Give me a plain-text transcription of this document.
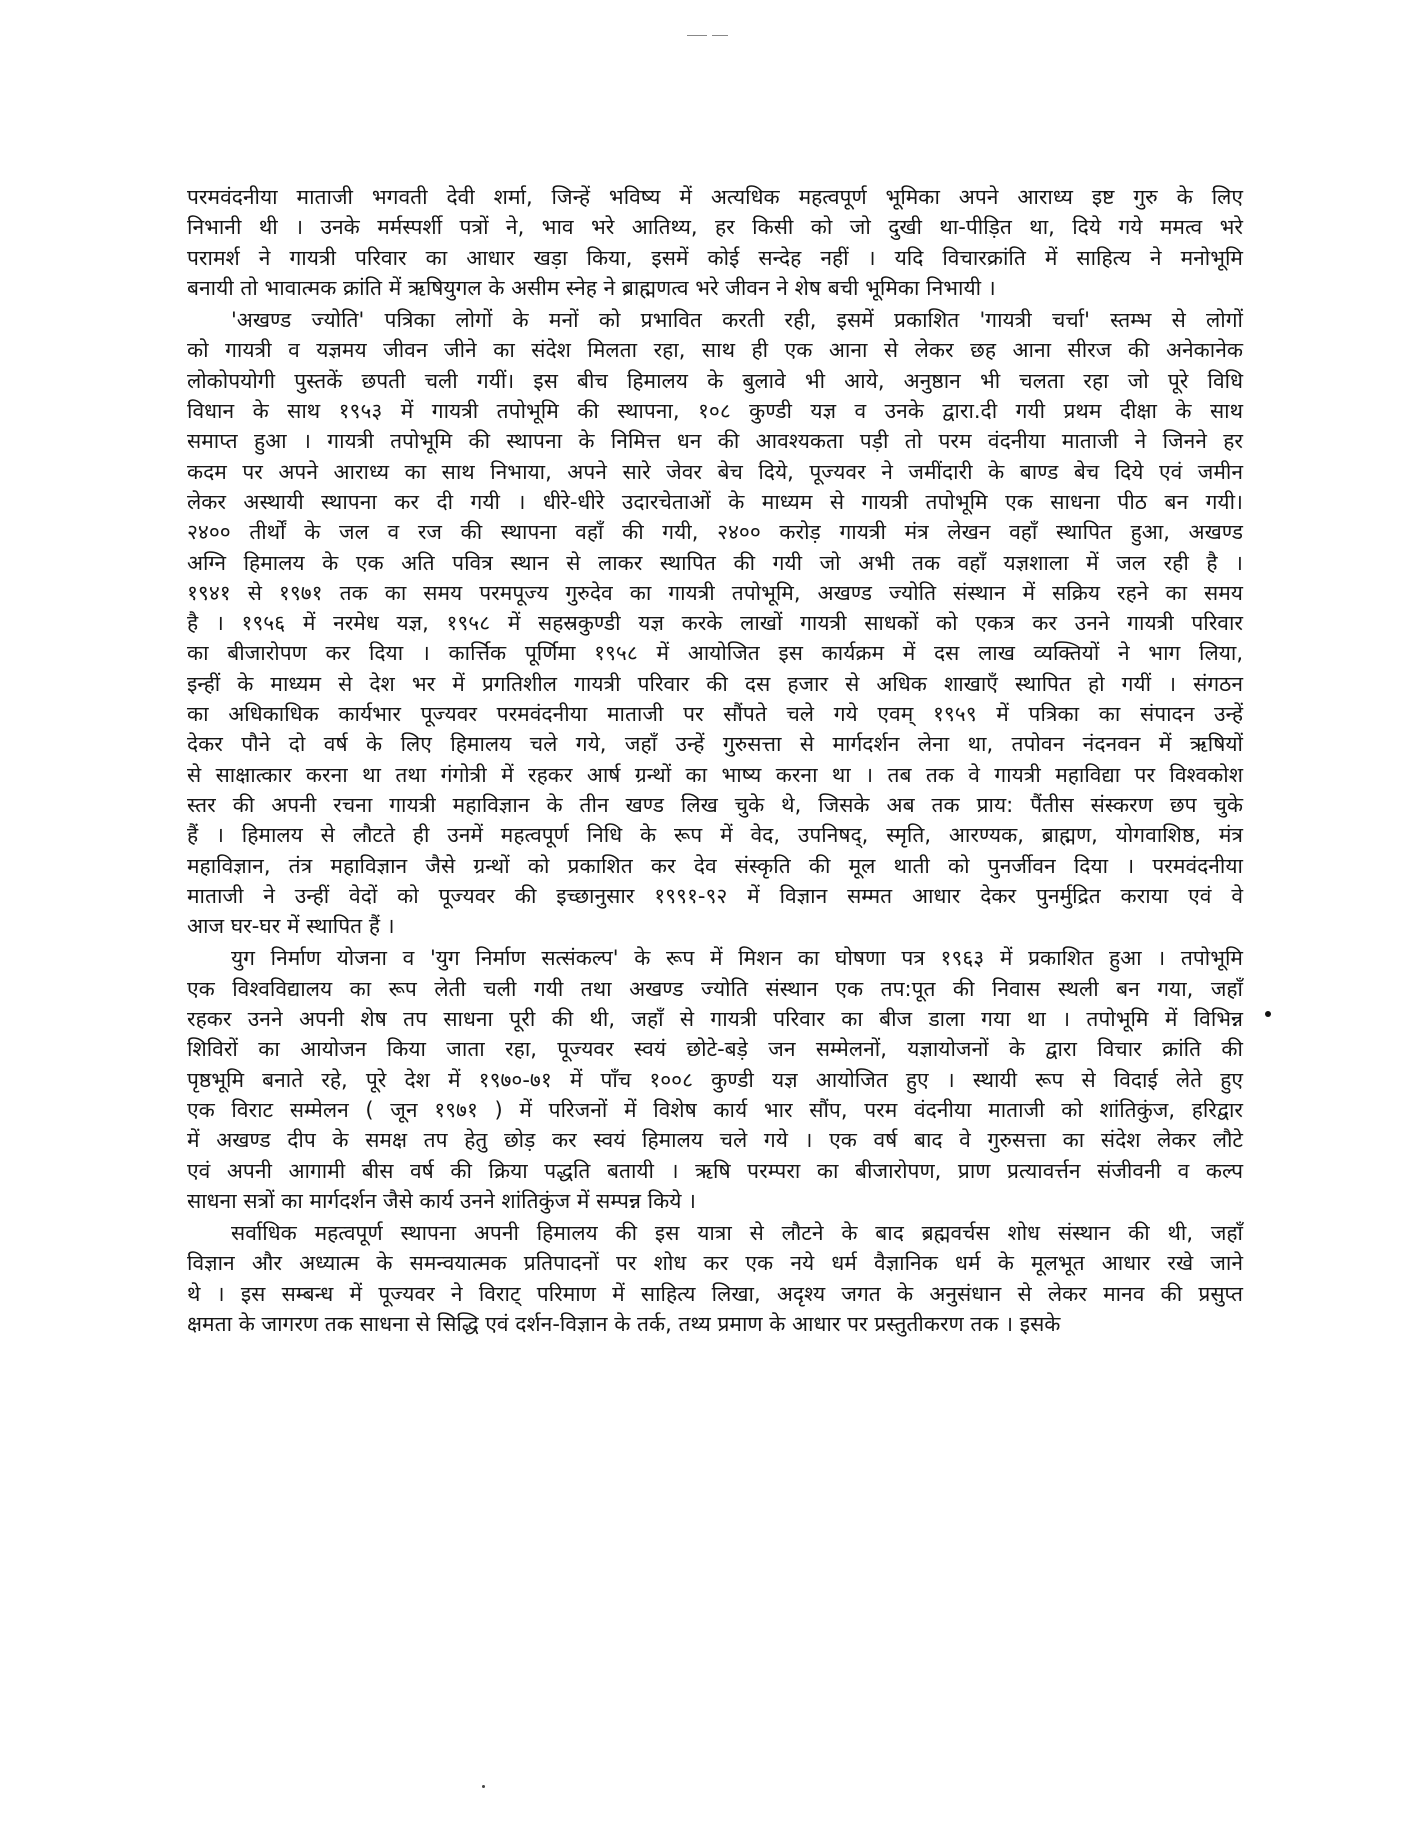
परमवंदनीया माताजी भगवती देवी शर्मा, जिन्हें भविष्य में अत्यधिक महत्वपूर्ण भूमिका अपने आराध्य इष्ट गुरु के लिए
निभानी थी । उनके मर्मस्पर्शी पत्रों ने, भाव भरे आतिथ्य, हर किसी को जो दुखी था-पीड़ित था, दिये गये ममत्व भरे
परामर्श ने गायत्री परिवार का आधार खड़ा किया, इसमें कोई सन्देह नहीं । यदि विचारक्रांति में साहित्य ने मनोभूमि
बनायी तो भावात्मक क्रांति में ऋषियुगल के असीम स्नेह ने ब्राह्मणत्व भरे जीवन ने शेष बची भूमिका निभायी ।
'अखण्ड ज्योति' पत्रिका लोगों के मनों को प्रभावित करती रही, इसमें प्रकाशित 'गायत्री चर्चा' स्तम्भ से लोगों
को गायत्री व यज्ञमय जीवन जीने का संदेश मिलता रहा, साथ ही एक आना से लेकर छह आना सीरज की अनेकानेक
लोकोपयोगी पुस्तकें छपती चली गयीं। इस बीच हिमालय के बुलावे भी आये, अनुष्ठान भी चलता रहा जो पूरे विधि
विधान के साथ १९५३ में गायत्री तपोभूमि की स्थापना, १०८ कुण्डी यज्ञ व उनके द्वारा.दी गयी प्रथम दीक्षा के साथ
समाप्त हुआ । गायत्री तपोभूमि की स्थापना के निमित्त धन की आवश्यकता पड़ी तो परम वंदनीया माताजी ने जिनने हर
कदम पर अपने आराध्य का साथ निभाया, अपने सारे जेवर बेच दिये, पूज्यवर ने जमींदारी के बाण्ड बेच दिये एवं जमीन
लेकर अस्थायी स्थापना कर दी गयी । धीरे-धीरे उदारचेताओं के माध्यम से गायत्री तपोभूमि एक साधना पीठ बन गयी।
२४०० तीर्थों के जल व रज की स्थापना वहाँ की गयी, २४०० करोड़ गायत्री मंत्र लेखन वहाँ स्थापित हुआ, अखण्ड
अग्नि हिमालय के एक अति पवित्र स्थान से लाकर स्थापित की गयी जो अभी तक वहाँ यज्ञशाला में जल रही है ।
१९४१ से १९७१ तक का समय परमपूज्य गुरुदेव का गायत्री तपोभूमि, अखण्ड ज्योति संस्थान में सक्रिय रहने का समय
है । १९५६ में नरमेध यज्ञ, १९५८ में सहस्रकुण्डी यज्ञ करके लाखों गायत्री साधकों को एकत्र कर उनने गायत्री परिवार
का बीजारोपण कर दिया । कार्त्तिक पूर्णिमा १९५८ में आयोजित इस कार्यक्रम में दस लाख व्यक्तियों ने भाग लिया,
इन्हीं के माध्यम से देश भर में प्रगतिशील गायत्री परिवार की दस हजार से अधिक शाखाएँ स्थापित हो गयीं । संगठन
का अधिकाधिक कार्यभार पूज्यवर परमवंदनीया माताजी पर सौंपते चले गये एवम् १९५९ में पत्रिका का संपादन उन्हें
देकर पौने दो वर्ष के लिए हिमालय चले गये, जहाँ उन्हें गुरुसत्ता से मार्गदर्शन लेना था, तपोवन नंदनवन में ऋषियों
से साक्षात्कार करना था तथा गंगोत्री में रहकर आर्ष ग्रन्थों का भाष्य करना था । तब तक वे गायत्री महाविद्या पर विश्वकोश
स्तर की अपनी रचना गायत्री महाविज्ञान के तीन खण्ड लिख चुके थे, जिसके अब तक प्राय: पैंतीस संस्करण छप चुके
हैं । हिमालय से लौटते ही उनमें महत्वपूर्ण निधि के रूप में वेद, उपनिषद्, स्मृति, आरण्यक, ब्राह्मण, योगवाशिष्ठ, मंत्र
महाविज्ञान, तंत्र महाविज्ञान जैसे ग्रन्थों को प्रकाशित कर देव संस्कृति की मूल थाती को पुनर्जीवन दिया । परमवंदनीया
माताजी ने उन्हीं वेदों को पूज्यवर की इच्छानुसार १९९१-९२ में विज्ञान सम्मत आधार देकर पुनर्मुद्रित कराया एवं वे
आज घर-घर में स्थापित हैं ।
युग निर्माण योजना व 'युग निर्माण सत्संकल्प' के रूप में मिशन का घोषणा पत्र १९६३ में प्रकाशित हुआ । तपोभूमि
एक विश्वविद्यालय का रूप लेती चली गयी तथा अखण्ड ज्योति संस्थान एक तप:पूत की निवास स्थली बन गया, जहाँ
रहकर उनने अपनी शेष तप साधना पूरी की थी, जहाँ से गायत्री परिवार का बीज डाला गया था । तपोभूमि में विभिन्न
शिविरों का आयोजन किया जाता रहा, पूज्यवर स्वयं छोटे-बड़े जन सम्मेलनों, यज्ञायोजनों के द्वारा विचार क्रांति की
पृष्ठभूमि बनाते रहे, पूरे देश में १९७०-७१ में पाँच १००८ कुण्डी यज्ञ आयोजित हुए । स्थायी रूप से विदाई लेते हुए
एक विराट सम्मेलन ( जून १९७१ ) में परिजनों में विशेष कार्य भार सौंप, परम वंदनीया माताजी को शांतिकुंज, हरिद्वार
में अखण्ड दीप के समक्ष तप हेतु छोड़ कर स्वयं हिमालय चले गये । एक वर्ष बाद वे गुरुसत्ता का संदेश लेकर लौटे
एवं अपनी आगामी बीस वर्ष की क्रिया पद्धति बतायी । ऋषि परम्परा का बीजारोपण, प्राण प्रत्यावर्त्तन संजीवनी व कल्प
साधना सत्रों का मार्गदर्शन जैसे कार्य उनने शांतिकुंज में सम्पन्न किये ।
सर्वाधिक महत्वपूर्ण स्थापना अपनी हिमालय की इस यात्रा से लौटने के बाद ब्रह्मवर्चस शोध संस्थान की थी, जहाँ
विज्ञान और अध्यात्म के समन्वयात्मक प्रतिपादनों पर शोध कर एक नये धर्म वैज्ञानिक धर्म के मूलभूत आधार रखे जाने
थे । इस सम्बन्ध में पूज्यवर ने विराट् परिमाण में साहित्य लिखा, अदृश्य जगत के अनुसंधान से लेकर मानव की प्रसुप्त
क्षमता के जागरण तक साधना से सिद्धि एवं दर्शन-विज्ञान के तर्क, तथ्य प्रमाण के आधार पर प्रस्तुतीकरण तक । इसके
